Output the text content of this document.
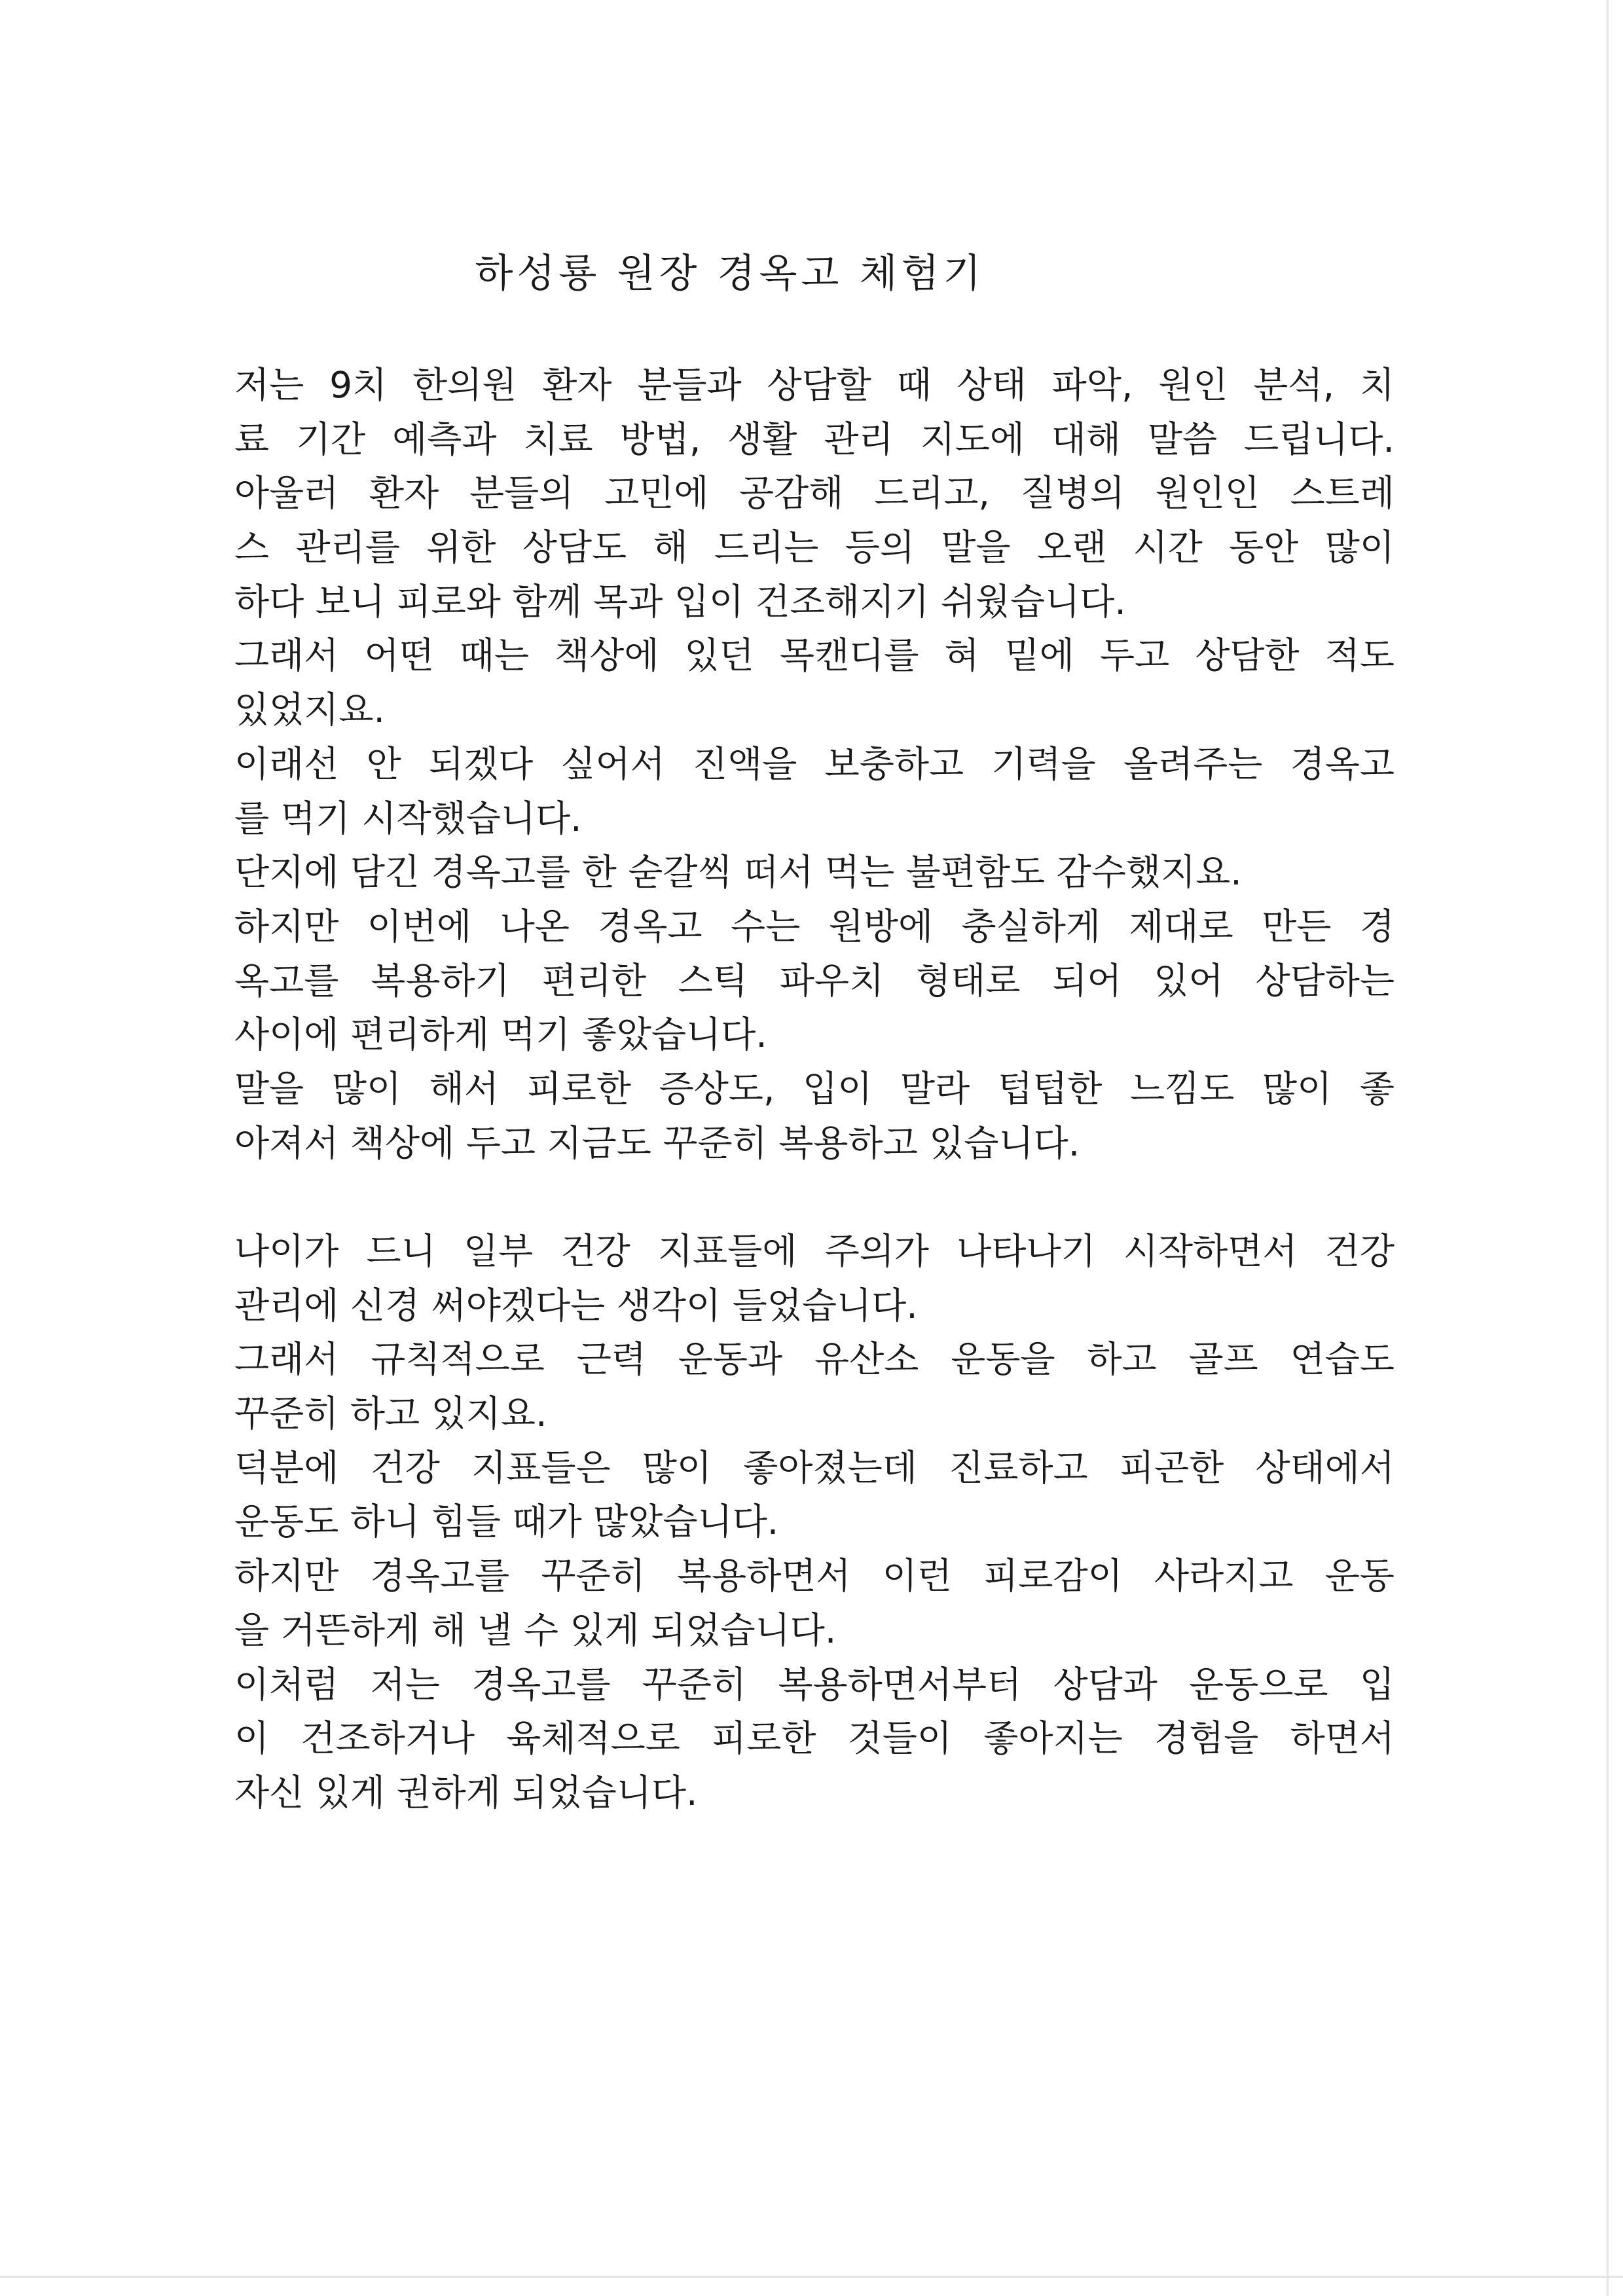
하성룡 원장 경옥고 체험기
저는 9치 한의원 환자 분들과 상담할 때 상태 파악, 원인 분석, 치
료 기간 예측과 치료 방법, 생활 관리 지도에 대해 말씀 드립니다.
아울러 환자 분들의 고민에 공감해 드리고, 질병의 원인인 스트레
스 관리를 위한 상담도 해 드리는 등의 말을 오랜 시간 동안 많이
하다 보니 피로와 함께 목과 입이 건조해지기 쉬웠습니다.
그래서 어떤 때는 책상에 있던 목캔디를 혀 밑에 두고 상담한 적도
있었지요.
이래선 안 되겠다 싶어서 진액을 보충하고 기력을 올려주는 경옥고
를 먹기 시작했습니다.
단지에 담긴 경옥고를 한 숟갈씩 떠서 먹는 불편함도 감수했지요.
하지만 이번에 나온 경옥고 수는 원방에 충실하게 제대로 만든 경
옥고를 복용하기 편리한 스틱 파우치 형태로 되어 있어 상담하는
사이에 편리하게 먹기 좋았습니다.
말을 많이 해서 피로한 증상도, 입이 말라 텁텁한 느낌도 많이 좋
아져서 책상에 두고 지금도 꾸준히 복용하고 있습니다.
나이가 드니 일부 건강 지표들에 주의가 나타나기 시작하면서 건강
관리에 신경 써야겠다는 생각이 들었습니다.
그래서 규칙적으로 근력 운동과 유산소 운동을 하고 골프 연습도
꾸준히 하고 있지요.
덕분에 건강 지표들은 많이 좋아졌는데 진료하고 피곤한 상태에서
운동도 하니 힘들 때가 많았습니다.
하지만 경옥고를 꾸준히 복용하면서 이런 피로감이 사라지고 운동
을 거뜬하게 해 낼 수 있게 되었습니다.
이처럼 저는 경옥고를 꾸준히 복용하면서부터 상담과 운동으로 입
이 건조하거나 육체적으로 피로한 것들이 좋아지는 경험을 하면서
자신 있게 권하게 되었습니다.
